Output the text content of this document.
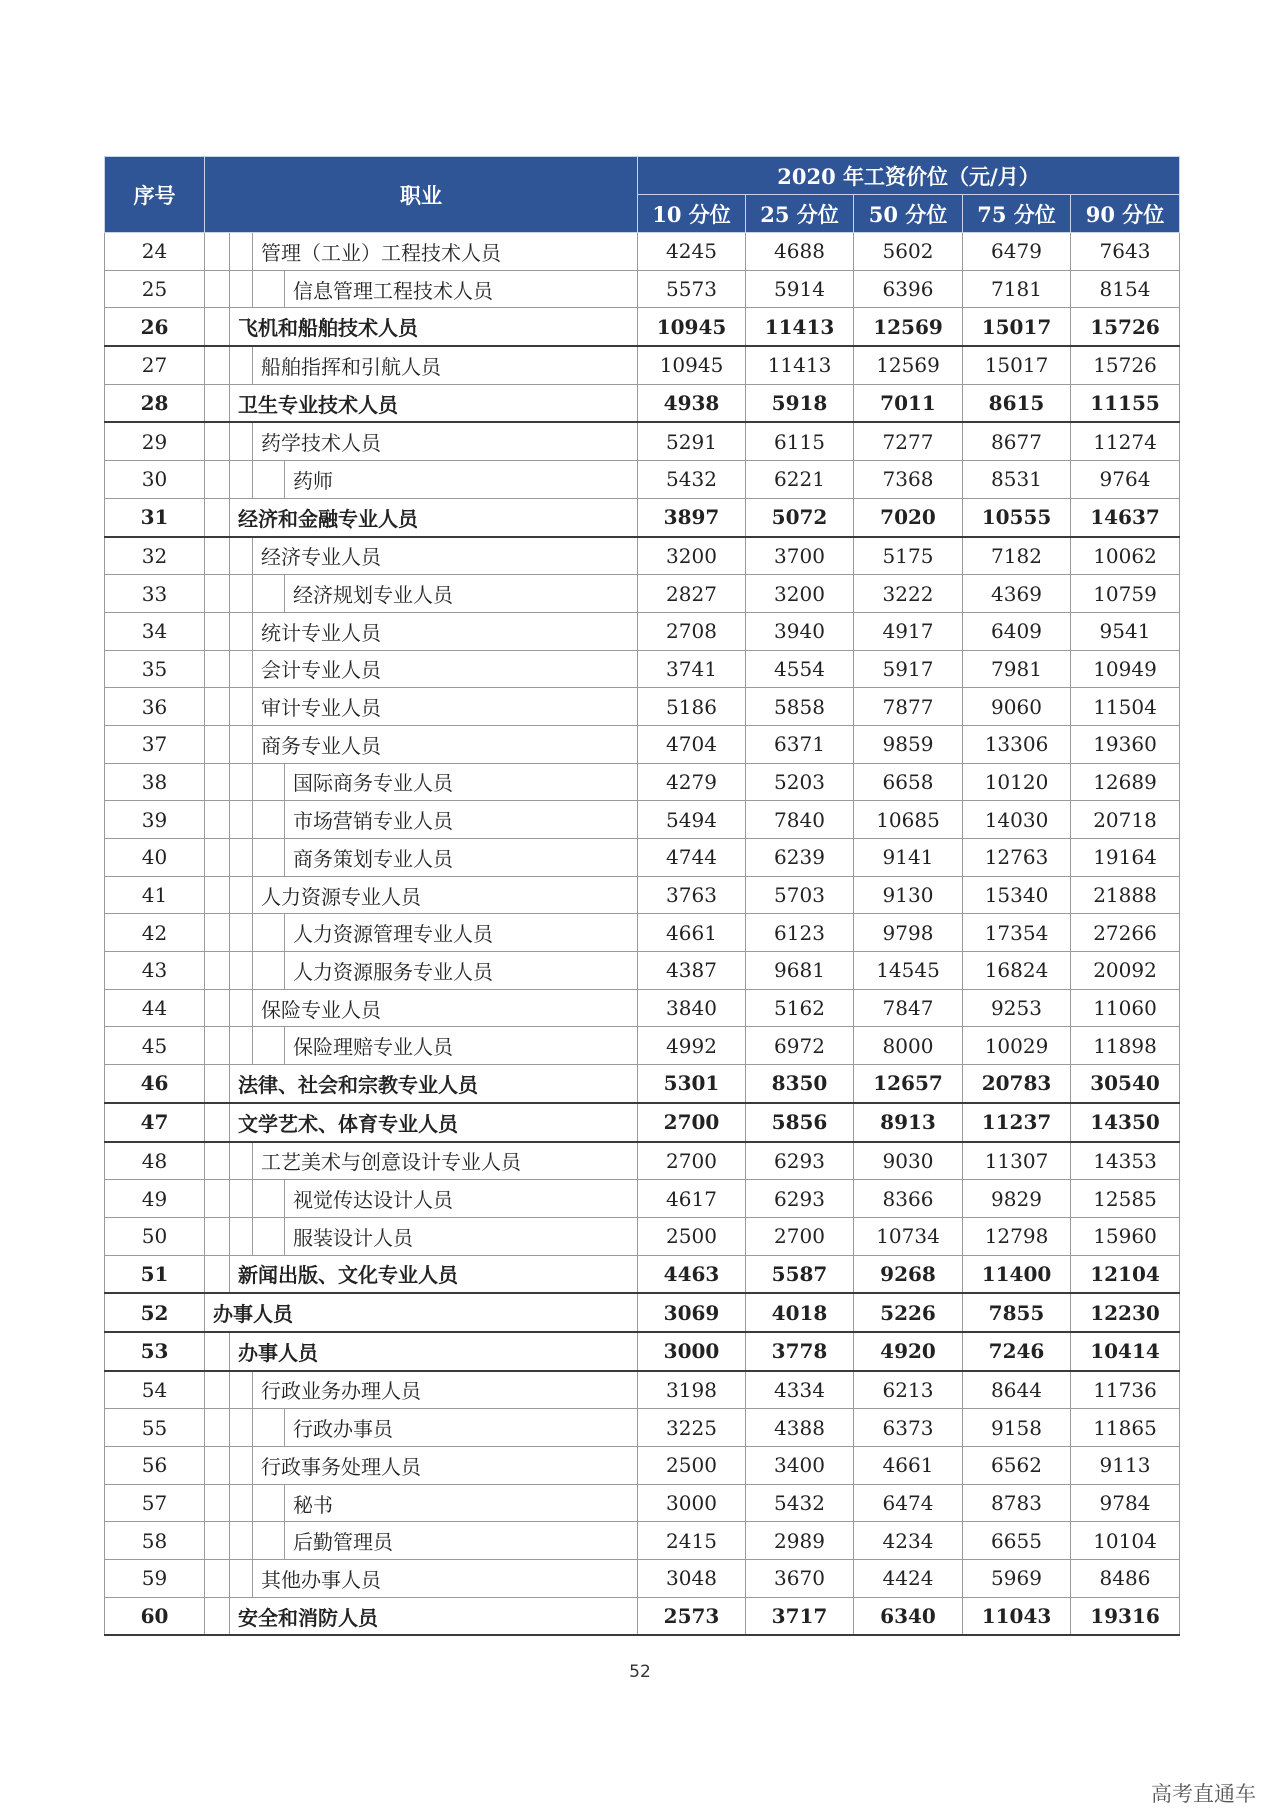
序号	职业	2020 年工资价位（元/月）				
		10 分位	25 分位	50 分位	75 分位	90 分位
24	管理（工业）工程技术人员	4245	4688	5602	6479	7643
25	信息管理工程技术人员	5573	5914	6396	7181	8154
26	飞机和船舶技术人员	10945	11413	12569	15017	15726
27	船舶指挥和引航人员	10945	11413	12569	15017	15726
28	卫生专业技术人员	4938	5918	7011	8615	11155
29	药学技术人员	5291	6115	7277	8677	11274
30	药师	5432	6221	7368	8531	9764
31	经济和金融专业人员	3897	5072	7020	10555	14637
32	经济专业人员	3200	3700	5175	7182	10062
33	经济规划专业人员	2827	3200	3222	4369	10759
34	统计专业人员	2708	3940	4917	6409	9541
35	会计专业人员	3741	4554	5917	7981	10949
36	审计专业人员	5186	5858	7877	9060	11504
37	商务专业人员	4704	6371	9859	13306	19360
38	国际商务专业人员	4279	5203	6658	10120	12689
39	市场营销专业人员	5494	7840	10685	14030	20718
40	商务策划专业人员	4744	6239	9141	12763	19164
41	人力资源专业人员	3763	5703	9130	15340	21888
42	人力资源管理专业人员	4661	6123	9798	17354	27266
43	人力资源服务专业人员	4387	9681	14545	16824	20092
44	保险专业人员	3840	5162	7847	9253	11060
45	保险理赔专业人员	4992	6972	8000	10029	11898
46	法律、社会和宗教专业人员	5301	8350	12657	20783	30540
47	文学艺术、体育专业人员	2700	5856	8913	11237	14350
48	工艺美术与创意设计专业人员	2700	6293	9030	11307	14353
49	视觉传达设计人员	4617	6293	8366	9829	12585
50	服装设计人员	2500	2700	10734	12798	15960
51	新闻出版、文化专业人员	4463	5587	9268	11400	12104
52	办事人员	3069	4018	5226	7855	12230
53	办事人员	3000	3778	4920	7246	10414
54	行政业务办理人员	3198	4334	6213	8644	11736
55	行政办事员	3225	4388	6373	9158	11865
56	行政事务处理人员	2500	3400	4661	6562	9113
57	秘书	3000	5432	6474	8783	9784
58	后勤管理员	2415	2989	4234	6655	10104
59	其他办事人员	3048	3670	4424	5969	8486
60	安全和消防人员	2573	3717	6340	11043	19316
52
高考直通车
